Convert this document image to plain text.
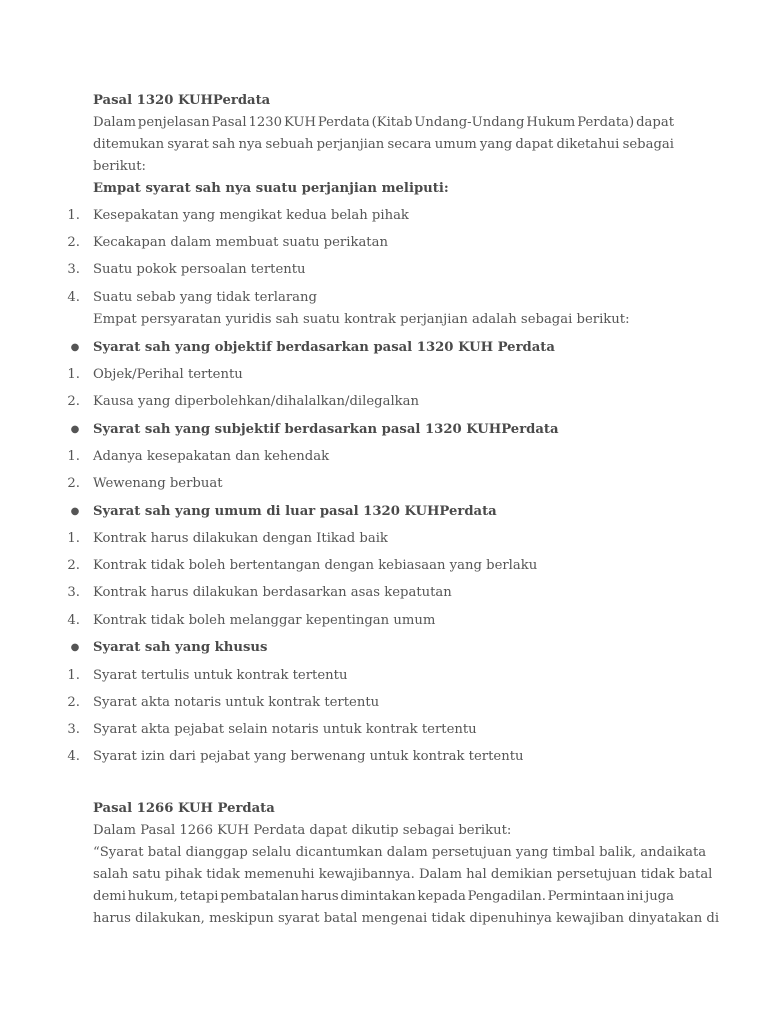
Pasal 1320 KUHPerdata
Dalam penjelasan Pasal 1230 KUH Perdata (Kitab Undang-Undang Hukum Perdata) dapat
ditemukan syarat sah nya sebuah perjanjian secara umum yang dapat diketahui sebagai
berikut:
Empat syarat sah nya suatu perjanjian meliputi:
1. Kesepakatan yang mengikat kedua belah pihak
2. Kecakapan dalam membuat suatu perikatan
3. Suatu pokok persoalan tertentu
4. Suatu sebab yang tidak terlarang
Empat persyaratan yuridis sah suatu kontrak perjanjian adalah sebagai berikut:
● Syarat sah yang objektif berdasarkan pasal 1320 KUH Perdata
1. Objek/Perihal tertentu
2. Kausa yang diperbolehkan/dihalalkan/dilegalkan
● Syarat sah yang subjektif berdasarkan pasal 1320 KUHPerdata
1. Adanya kesepakatan dan kehendak
2. Wewenang berbuat
● Syarat sah yang umum di luar pasal 1320 KUHPerdata
1. Kontrak harus dilakukan dengan Itikad baik
2. Kontrak tidak boleh bertentangan dengan kebiasaan yang berlaku
3. Kontrak harus dilakukan berdasarkan asas kepatutan
4. Kontrak tidak boleh melanggar kepentingan umum
● Syarat sah yang khusus
1. Syarat tertulis untuk kontrak tertentu
2. Syarat akta notaris untuk kontrak tertentu
3. Syarat akta pejabat selain notaris untuk kontrak tertentu
4. Syarat izin dari pejabat yang berwenang untuk kontrak tertentu
Pasal 1266 KUH Perdata
Dalam Pasal 1266 KUH Perdata dapat dikutip sebagai berikut:
“Syarat batal dianggap selalu dicantumkan dalam persetujuan yang timbal balik, andaikata
salah satu pihak tidak memenuhi kewajibannya. Dalam hal demikian persetujuan tidak batal
demi hukum, tetapi pembatalan harus dimintakan kepada Pengadilan. Permintaan ini juga
harus dilakukan, meskipun syarat batal mengenai tidak dipenuhinya kewajiban dinyatakan di
